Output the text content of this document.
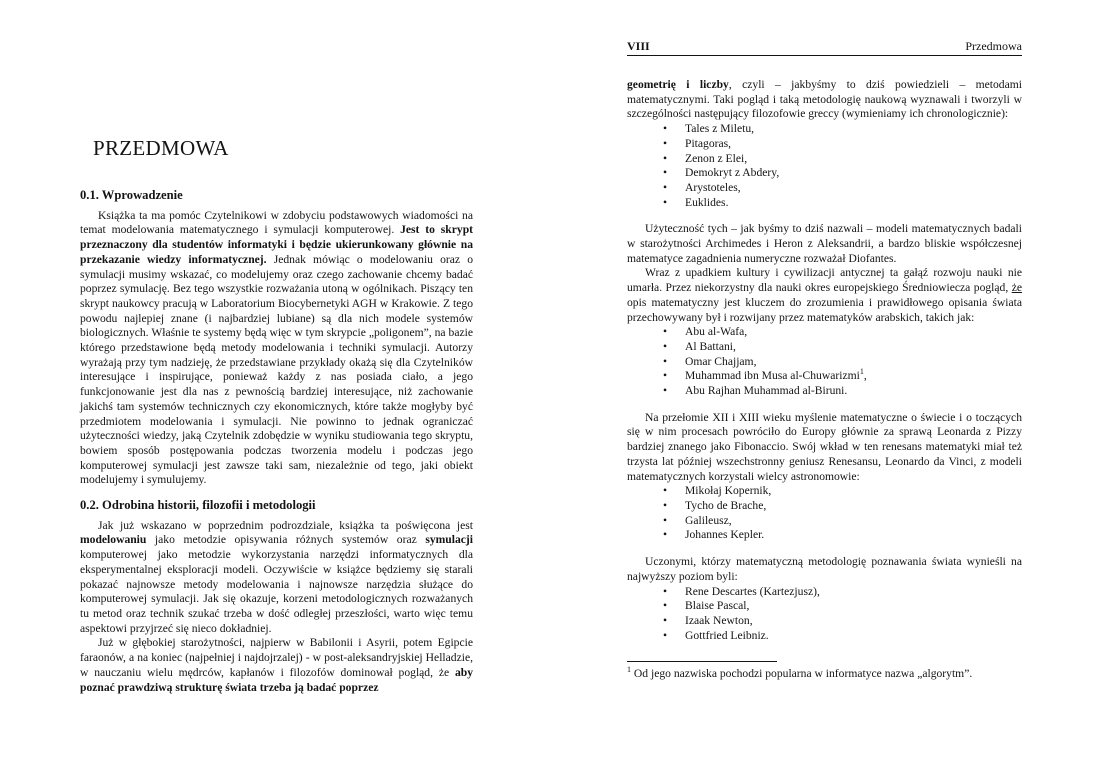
PRZEDMOWA
0.1. Wprowadzenie

Książka ta ma pomóc Czytelnikowi w zdobyciu podstawowych wiadomości na temat modelowania matematycznego i symulacji komputerowej. Jest to skrypt przeznaczony dla studentów informatyki i będzie ukierunkowany głównie na przekazanie wiedzy informatycznej. Jednak mówiąc o modelowaniu oraz o symulacji musimy wskazać, co modelujemy oraz czego zachowanie chcemy badać poprzez symulację. Bez tego wszystkie rozważania utoną w ogólnikach. Piszący ten skrypt naukowcy pracują w Laboratorium Biocybernetyki AGH w Krakowie. Z tego powodu najlepiej znane (i najbardziej lubiane) są dla nich modele systemów biologicznych. Właśnie te systemy będą więc w tym skrypcie „poligonem”, na bazie którego przedstawione będą metody modelowania i techniki symulacji. Autorzy wyrażają przy tym nadzieję, że przedstawiane przykłady okażą się dla Czytelników interesujące i inspirujące, ponieważ każdy z nas posiada ciało, a jego funkcjonowanie jest dla nas z pewnością bardziej interesujące, niż zachowanie jakichś tam systemów technicznych czy ekonomicznych, które także mogłyby być przedmiotem modelowania i symulacji. Nie powinno to jednak ograniczać użyteczności wiedzy, jaką Czytelnik zdobędzie w wyniku studiowania tego skryptu, bowiem sposób postępowania podczas tworzenia modelu i podczas jego komputerowej symulacji jest zawsze taki sam, niezależnie od tego, jaki obiekt modelujemy i symulujemy.

0.2. Odrobina historii, filozofii i metodologii

Jak już wskazano w poprzednim podrozdziale, książka ta poświęcona jest modelowaniu jako metodzie opisywania różnych systemów oraz symulacji komputerowej jako metodzie wykorzystania narzędzi informatycznych dla eksperymentalnej eksploracji modeli. Oczywiście w książce będziemy się starali pokazać najnowsze metody modelowania i najnowsze narzędzia służące do komputerowej symulacji. Jak się okazuje, korzeni metodologicznych rozważanych tu metod oraz technik szukać trzeba w dość odległej przeszłości, warto więc temu aspektowi przyjrzeć się nieco dokładniej.

Już w głębokiej starożytności, najpierw w Babilonii i Asyrii, potem Egipcie faraonów, a na koniec (najpełniej i najdojrzalej) - w post-aleksandryjskiej Helladzie, w nauczaniu wielu mędrców, kapłanów i filozofów dominował pogląd, że aby poznać prawdziwą strukturę świata trzeba ją badać poprzez

VIII	Przedmowa

geometrię i liczby, czyli – jakbyśmy to dziś powiedzieli – metodami matematycznymi. Taki pogląd i taką metodologię naukową wyznawali i tworzyli w szczególności następujący filozofowie greccy (wymieniamy ich chronologicznie):

• Tales z Miletu,
• Pitagoras,
• Zenon z Elei,
• Demokryt z Abdery,
• Arystoteles,
• Euklides.

Użyteczność tych – jak byśmy to dziś nazwali – modeli matematycznych badali w starożytności Archimedes i Heron z Aleksandrii, a bardzo bliskie współczesnej matematyce zagadnienia numeryczne rozważał Diofantes.

Wraz z upadkiem kultury i cywilizacji antycznej ta gałąź rozwoju nauki nie umarła. Przez niekorzystny dla nauki okres europejskiego Średniowiecza pogląd, że opis matematyczny jest kluczem do zrozumienia i prawidłowego opisania świata przechowywany był i rozwijany przez matematyków arabskich, takich jak:

• Abu al-Wafa,
• Al Battani,
• Omar Chajjam,
• Muhammad ibn Musa al-Chuwarizmi$^1$,
• Abu Rajhan Muhammad al-Biruni.

Na przełomie XII i XIII wieku myślenie matematyczne o świecie i o toczących się w nim procesach powróciło do Europy głównie za sprawą Leonarda z Pizzy bardziej znanego jako Fibonaccio. Swój wkład w ten renesans matematyki miał też trzysta lat później wszechstronny geniusz Renesansu, Leonardo da Vinci, z modeli matematycznych korzystali wielcy astronomowie:

• Mikołaj Kopernik,
• Tycho de Brache,
• Galileusz,
• Johannes Kepler.

Uczonymi, którzy matematyczną metodologię poznawania świata wynieśli na najwyższy poziom byli:

• Rene Descartes (Kartezjusz),
• Blaise Pascal,
• Izaak Newton,
• Gottfried Leibniz.

$^1$ Od jego nazwiska pochodzi popularna w informatyce nazwa „algorytm”.
